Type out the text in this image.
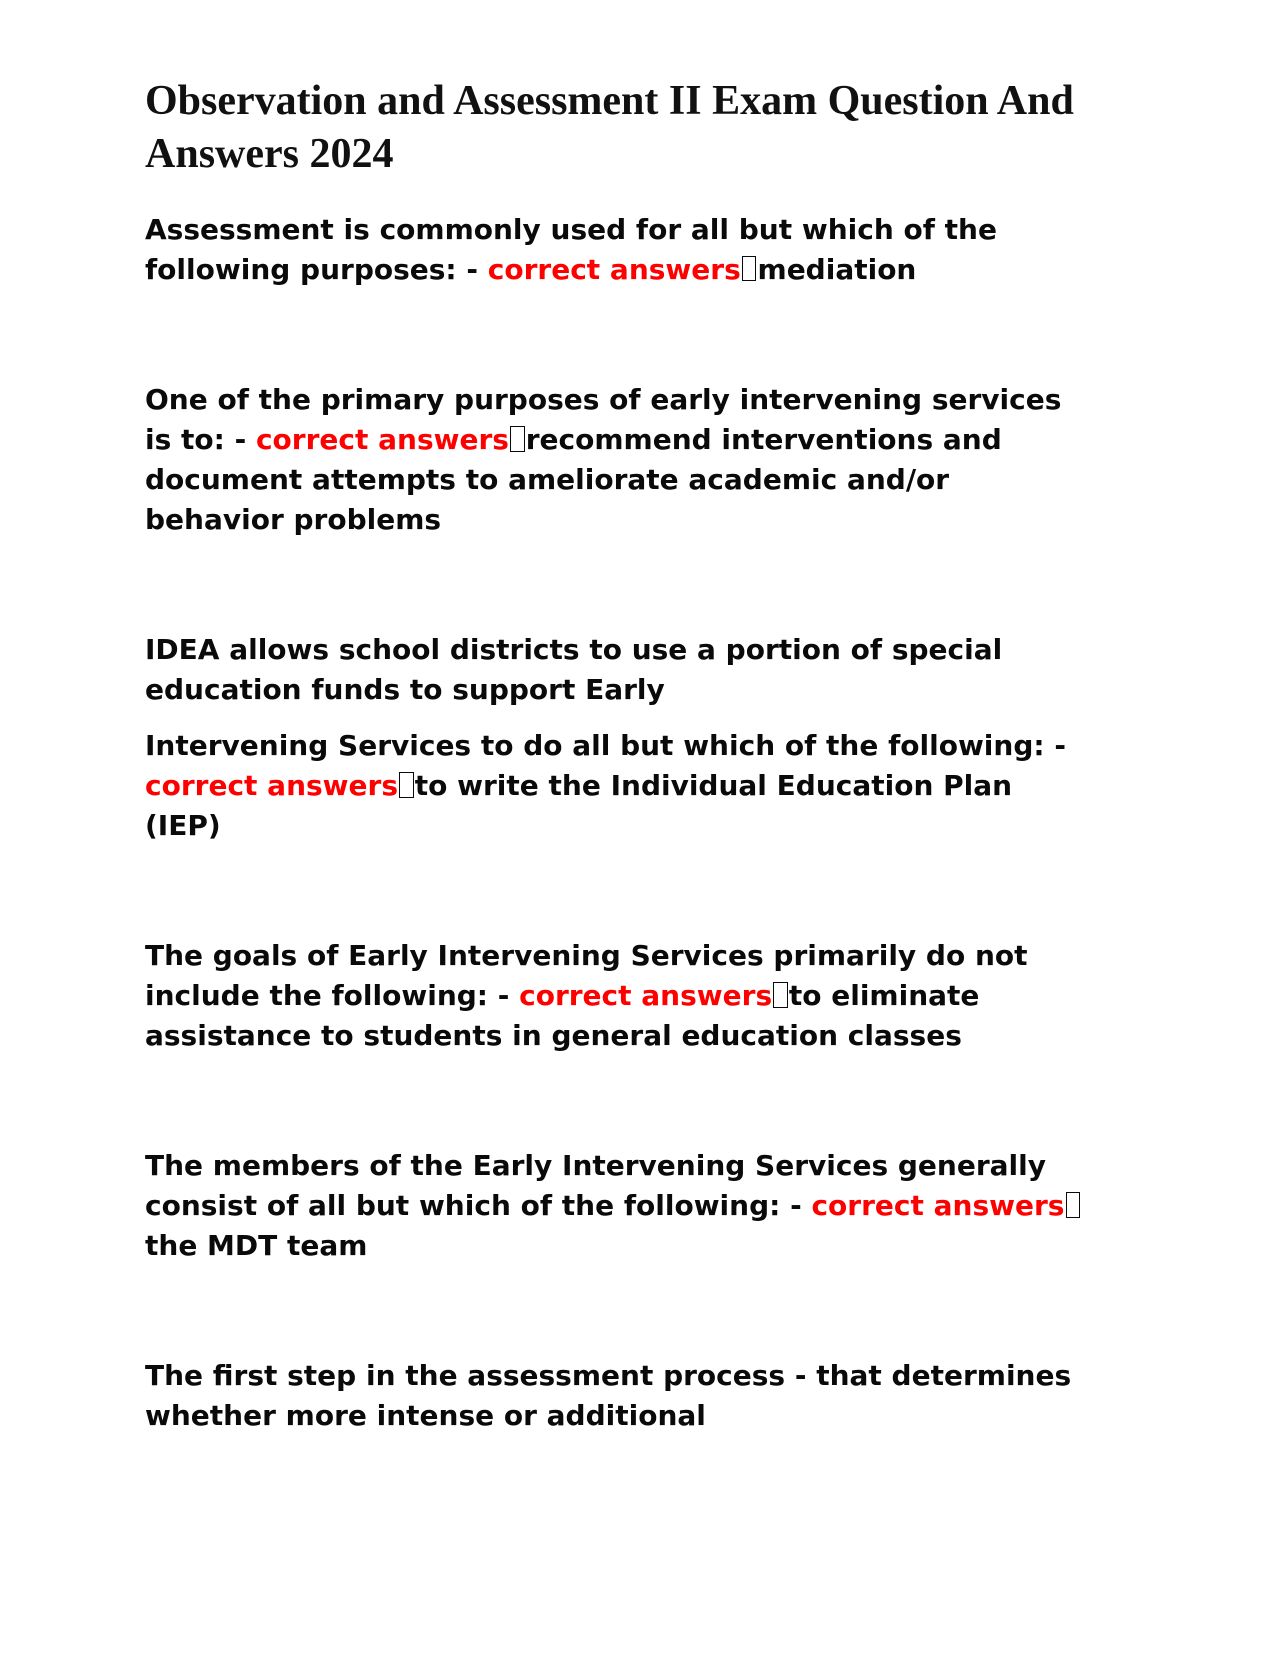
Observation and Assessment II Exam Question And Answers 2024

Assessment is commonly used for all but which of the following purposes: - correct answers mediation

One of the primary purposes of early intervening services is to: - correct answers recommend interventions and document attempts to ameliorate academic and/or behavior problems

IDEA allows school districts to use a portion of special education funds to support Early

Intervening Services to do all but which of the following: - correct answers to write the Individual Education Plan (IEP)

The goals of Early Intervening Services primarily do not include the following: - correct answers to eliminate assistance to students in general education classes

The members of the Early Intervening Services generally consist of all but which of the following: - correct answersthe MDT team

The first step in the assessment process - that determines whether more intense or additional
